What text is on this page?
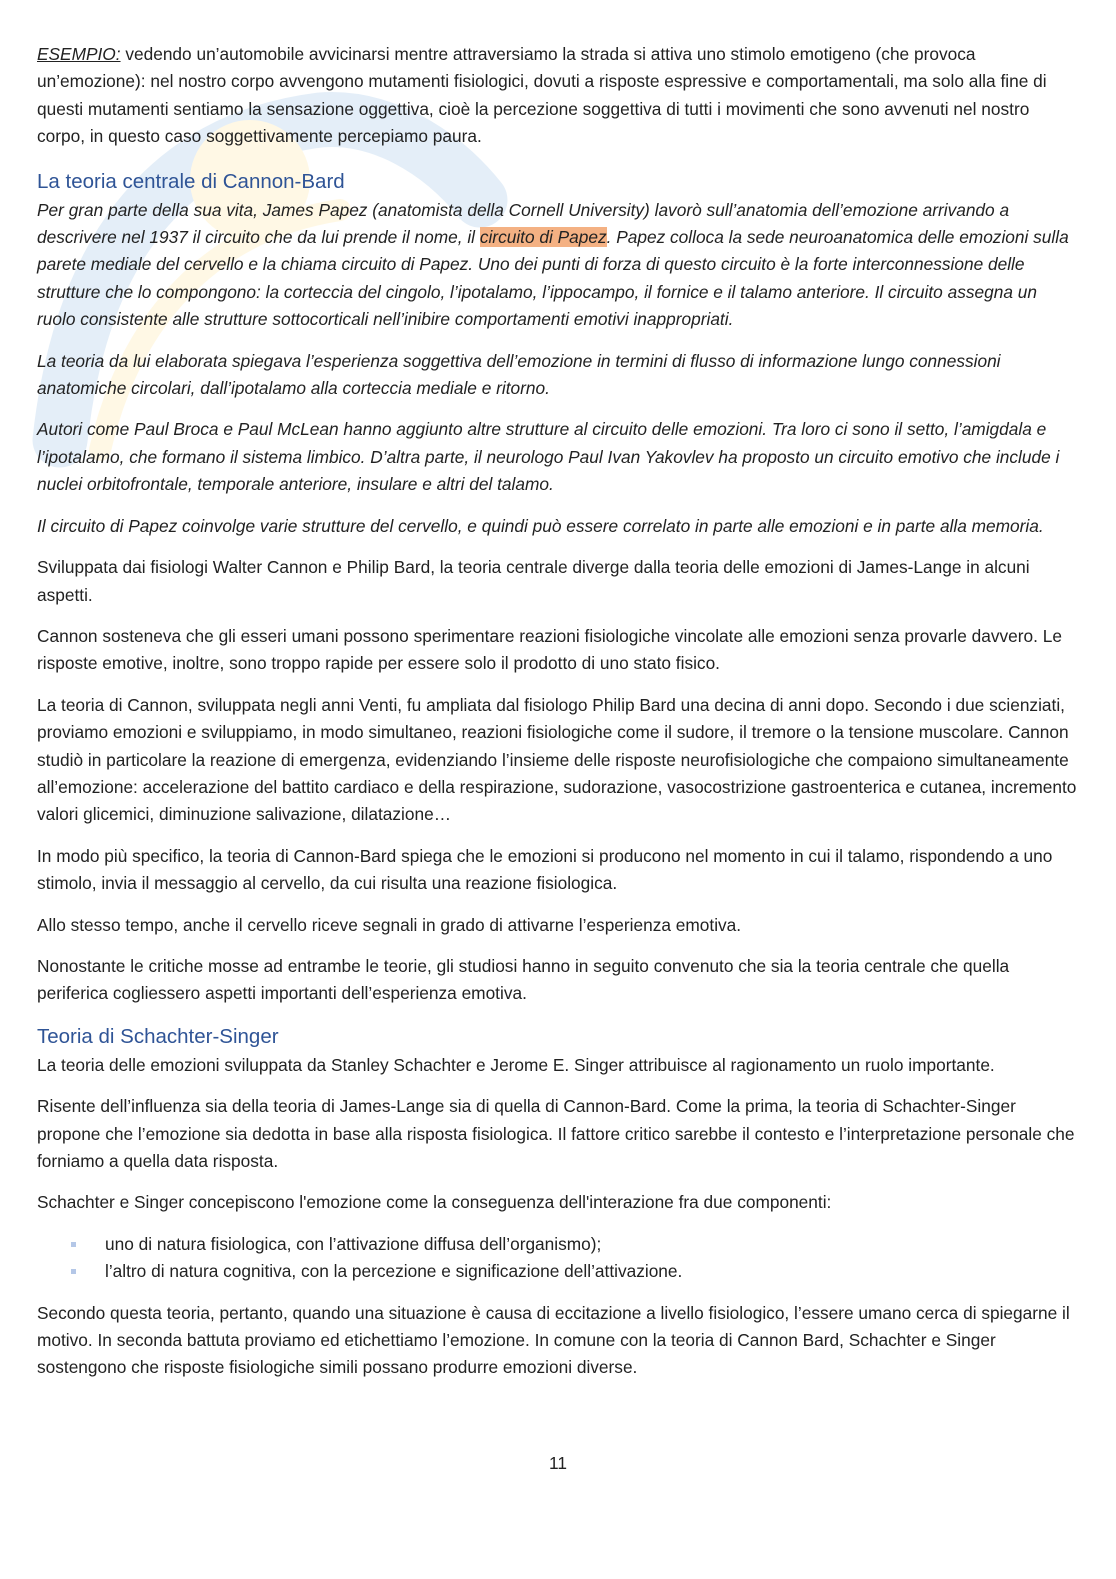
ESEMPIO: vedendo un’automobile avvicinarsi mentre attraversiamo la strada si attiva uno stimolo emotigeno (che provoca un’emozione): nel nostro corpo avvengono mutamenti fisiologici, dovuti a risposte espressive e comportamentali, ma solo alla fine di questi mutamenti sentiamo la sensazione oggettiva, cioè la percezione soggettiva di tutti i movimenti che sono avvenuti nel nostro corpo, in questo caso soggettivamente percepiamo paura.

La teoria centrale di Cannon-Bard

Per gran parte della sua vita, James Papez (anatomista della Cornell University) lavorò sull’anatomia dell’emozione arrivando a descrivere nel 1937 il circuito che da lui prende il nome, il circuito di Papez. Papez colloca la sede neuroanatomica delle emozioni sulla parete mediale del cervello e la chiama circuito di Papez. Uno dei punti di forza di questo circuito è la forte interconnessione delle strutture che lo compongono: la corteccia del cingolo, l’ipotalamo, l’ippocampo, il fornice e il talamo anteriore. Il circuito assegna un ruolo consistente alle strutture sottocorticali nell’inibire comportamenti emotivi inappropriati.

La teoria da lui elaborata spiegava l’esperienza soggettiva dell’emozione in termini di flusso di informazione lungo connessioni anatomiche circolari, dall’ipotalamo alla corteccia mediale e ritorno.

Autori come Paul Broca e Paul McLean hanno aggiunto altre strutture al circuito delle emozioni. Tra loro ci sono il setto, l’amigdala e l’ipotalamo, che formano il sistema limbico. D’altra parte, il neurologo Paul Ivan Yakovlev ha proposto un circuito emotivo che include i nuclei orbitofrontale, temporale anteriore, insulare e altri del talamo.

Il circuito di Papez coinvolge varie strutture del cervello, e quindi può essere correlato in parte alle emozioni e in parte alla memoria.

Sviluppata dai fisiologi Walter Cannon e Philip Bard, la teoria centrale diverge dalla teoria delle emozioni di James-Lange in alcuni aspetti.

Cannon sosteneva che gli esseri umani possono sperimentare reazioni fisiologiche vincolate alle emozioni senza provarle davvero. Le risposte emotive, inoltre, sono troppo rapide per essere solo il prodotto di uno stato fisico.

La teoria di Cannon, sviluppata negli anni Venti, fu ampliata dal fisiologo Philip Bard una decina di anni dopo. Secondo i due scienziati, proviamo emozioni e sviluppiamo, in modo simultaneo, reazioni fisiologiche come il sudore, il tremore o la tensione muscolare. Cannon studiò in particolare la reazione di emergenza, evidenziando l’insieme delle risposte neurofisiologiche che compaiono simultaneamente all’emozione: accelerazione del battito cardiaco e della respirazione, sudorazione, vasocostrizione gastroenterica e cutanea, incremento valori glicemici, diminuzione salivazione, dilatazione…

In modo più specifico, la teoria di Cannon-Bard spiega che le emozioni si producono nel momento in cui il talamo, rispondendo a uno stimolo, invia il messaggio al cervello, da cui risulta una reazione fisiologica.

Allo stesso tempo, anche il cervello riceve segnali in grado di attivarne l’esperienza emotiva.

Nonostante le critiche mosse ad entrambe le teorie, gli studiosi hanno in seguito convenuto che sia la teoria centrale che quella periferica cogliessero aspetti importanti dell’esperienza emotiva.

Teoria di Schachter-Singer

La teoria delle emozioni sviluppata da Stanley Schachter e Jerome E. Singer attribuisce al ragionamento un ruolo importante.

Risente dell’influenza sia della teoria di James-Lange sia di quella di Cannon-Bard. Come la prima, la teoria di Schachter-Singer propone che l’emozione sia dedotta in base alla risposta fisiologica. Il fattore critico sarebbe il contesto e l’interpretazione personale che forniamo a quella data risposta.

Schachter e Singer concepiscono l'emozione come la conseguenza dell'interazione fra due componenti:

uno di natura fisiologica, con l’attivazione diffusa dell’organismo);
l’altro di natura cognitiva, con la percezione e significazione dell’attivazione.

Secondo questa teoria, pertanto, quando una situazione è causa di eccitazione a livello fisiologico, l’essere umano cerca di spiegarne il motivo. In seconda battuta proviamo ed etichettiamo l’emozione. In comune con la teoria di Cannon Bard, Schachter e Singer sostengono che risposte fisiologiche simili possano produrre emozioni diverse.

11
